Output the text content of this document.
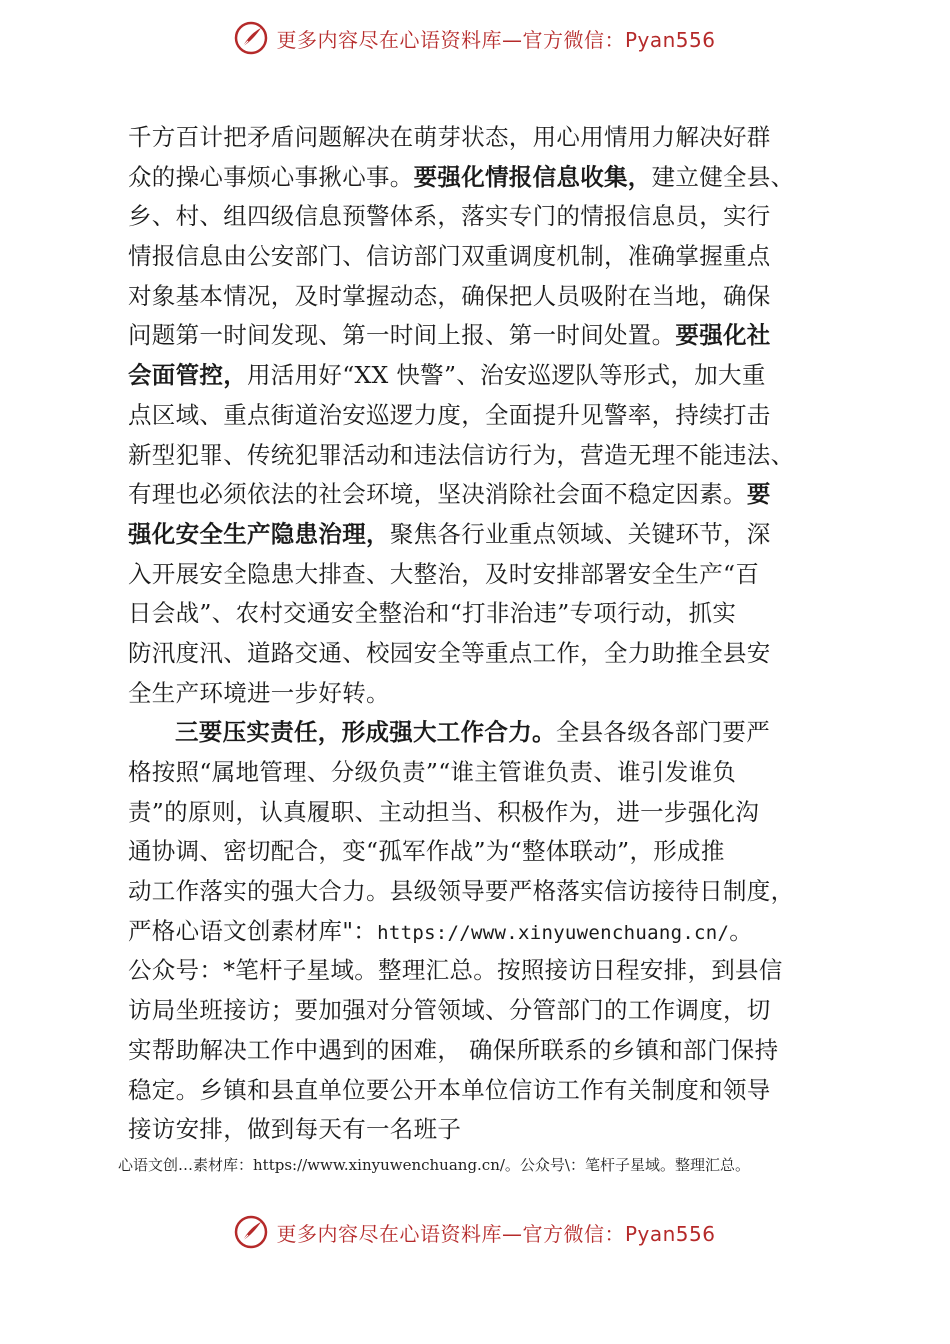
更多内容尽在心语资料库—官方微信：Pyan556
千方百计把矛盾问题解决在萌芽状态，用心用情用力解决好群
众的操心事烦心事揪心事。要强化情报信息收集，建立健全县、
乡、村、组四级信息预警体系，落实专门的情报信息员，实行
情报信息由公安部门、信访部门双重调度机制，准确掌握重点
对象基本情况，及时掌握动态，确保把人员吸附在当地，确保
问题第一时间发现、第一时间上报、第一时间处置。要强化社
会面管控，用活用好“XX 快警”、治安巡逻队等形式，加大重
点区域、重点街道治安巡逻力度，全面提升见警率，持续打击
新型犯罪、传统犯罪活动和违法信访行为，营造无理不能违法、
有理也必须依法的社会环境，坚决消除社会面不稳定因素。要
强化安全生产隐患治理，聚焦各行业重点领域、关键环节，深
入开展安全隐患大排查、大整治，及时安排部署安全生产“百
日会战”、农村交通安全整治和“打非治违”专项行动，抓实
防汛度汛、道路交通、校园安全等重点工作，全力助推全县安
全生产环境进一步好转。
三要压实责任，形成强大工作合力。全县各级各部门要严
格按照“属地管理、分级负责”“谁主管谁负责、谁引发谁负
责”的原则，认真履职、主动担当、积极作为，进一步强化沟
通协调、密切配合，变“孤军作战”为“整体联动”，形成推
动工作落实的强大合力。县级领导要严格落实信访接待日制度，
严格心语文创素材库"：https://www.xinyuwenchuang.cn/。
公众号：*笔杆子星域。整理汇总。按照接访日程安排，到县信
访局坐班接访；要加强对分管领域、分管部门的工作调度，切
实帮助解决工作中遇到的困难， 确保所联系的乡镇和部门保持
稳定。乡镇和县直单位要公开本单位信访工作有关制度和领导
接访安排，做到每天有一名班子
心语文创…素材库：https://www.xinyuwenchuang.cn/。公众号\：笔杆子星域。整理汇总。
更多内容尽在心语资料库—官方微信：Pyan556
